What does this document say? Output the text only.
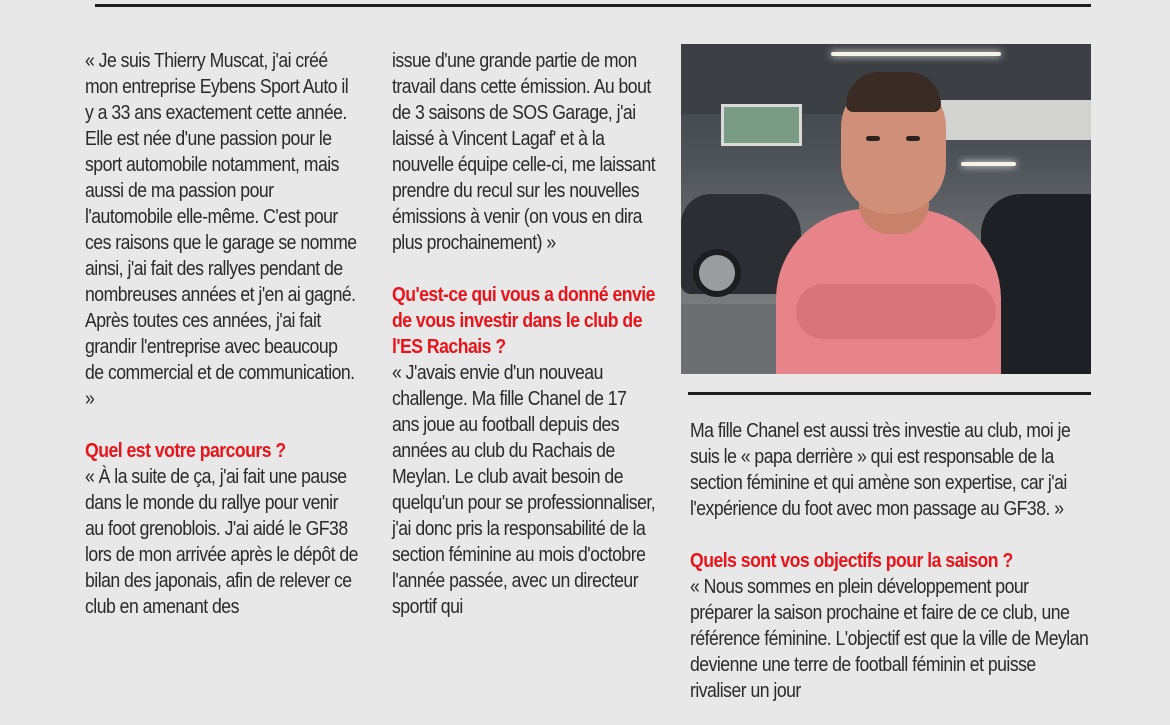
« Je suis Thierry Muscat, j'ai créé mon entreprise Eybens Sport Auto il y a 33 ans exactement cette année. Elle est née d'une passion pour le sport automobile notamment, mais aussi de ma passion pour l'automobile elle-même. C'est pour ces raisons que le garage se nomme ainsi, j'ai fait des rallyes pendant de nombreuses années et j'en ai gagné. Après toutes ces années, j'ai fait grandir l'entreprise avec beaucoup de commercial et de communication. »

Quel est votre parcours ?

« À la suite de ça, j'ai fait une pause dans le monde du rallye pour venir au foot grenoblois. J'ai aidé le GF38 lors de mon arrivée après le dépôt de bilan des japonais, afin de relever ce club en amenant des

issue d'une grande partie de mon travail dans cette émission. Au bout de 3 saisons de SOS Garage, j'ai laissé à Vincent Lagaf' et à la nouvelle équipe celle-ci, me laissant prendre du recul sur les nouvelles émissions à venir (on vous en dira plus prochainement) »

Qu'est-ce qui vous a donné envie de vous investir dans le club de l'ES Rachais ?

« J'avais envie d'un nouveau challenge. Ma fille Chanel de 17 ans joue au football depuis des années au club du Rachais de Meylan. Le club avait besoin de quelqu'un pour se professionnaliser, j'ai donc pris la responsabilité de la section féminine au mois d'octobre l'année passée, avec un directeur sportif qui

Ma fille Chanel est aussi très investie au club, moi je suis le « papa derrière » qui est responsable de la section féminine et qui amène son expertise, car j'ai l'expérience du foot avec mon passage au GF38. »

Quels sont vos objectifs pour la saison ?

« Nous sommes en plein développement pour préparer la saison prochaine et faire de ce club, une référence féminine. L'objectif est que la ville de Meylan devienne une terre de football féminin et puisse rivaliser un jour
